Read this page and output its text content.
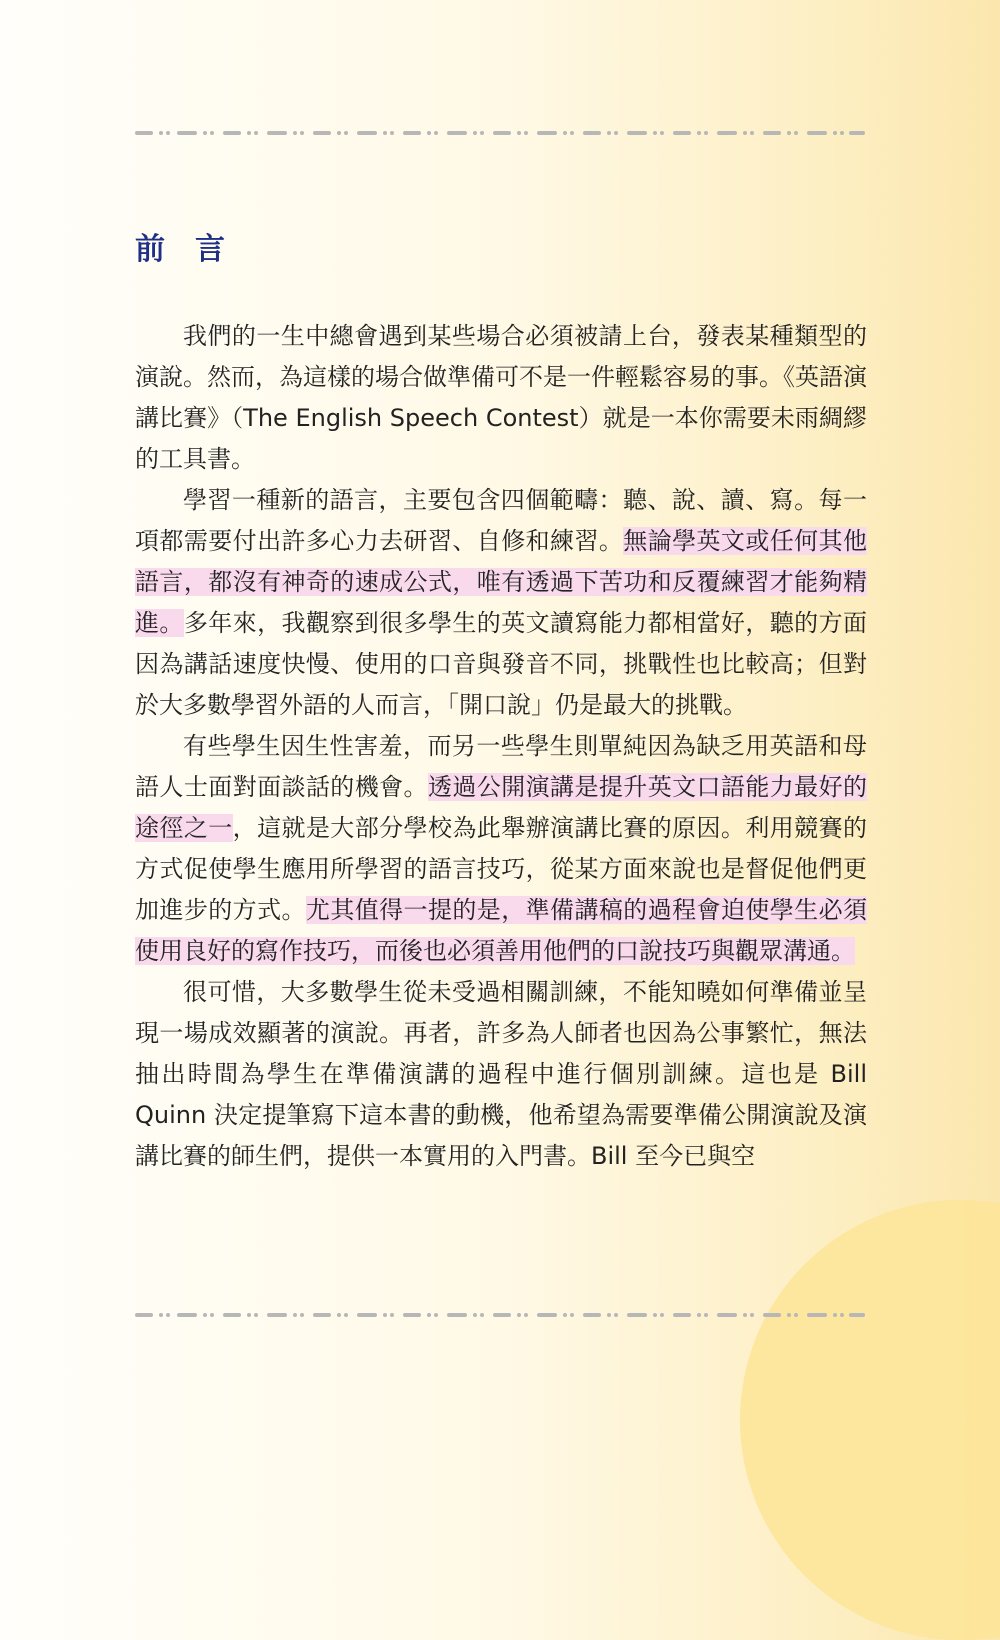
前言

我們的一生中總會遇到某些場合必須被請上台，發表某種類型的演說。然而，為這樣的場合做準備可不是一件輕鬆容易的事。《英語演講比賽》（The English Speech Contest）就是一本你需要未雨綢繆的工具書。

學習一種新的語言，主要包含四個範疇：聽、說、讀、寫。每一項都需要付出許多心力去研習、自修和練習。無論學英文或任何其他語言，都沒有神奇的速成公式，唯有透過下苦功和反覆練習才能夠精進。多年來，我觀察到很多學生的英文讀寫能力都相當好，聽的方面因為講話速度快慢、使用的口音與發音不同，挑戰性也比較高；但對於大多數學習外語的人而言，「開口說」仍是最大的挑戰。

有些學生因生性害羞，而另一些學生則單純因為缺乏用英語和母語人士面對面談話的機會。透過公開演講是提升英文口語能力最好的途徑之一，這就是大部分學校為此舉辦演講比賽的原因。利用競賽的方式促使學生應用所學習的語言技巧，從某方面來說也是督促他們更加進步的方式。尤其值得一提的是，準備講稿的過程會迫使學生必須使用良好的寫作技巧，而後也必須善用他們的口說技巧與觀眾溝通。

很可惜，大多數學生從未受過相關訓練，不能知曉如何準備並呈現一場成效顯著的演說。再者，許多為人師者也因為公事繁忙，無法抽出時間為學生在準備演講的過程中進行個別訓練。這也是 Bill Quinn 決定提筆寫下這本書的動機，他希望為需要準備公開演說及演講比賽的師生們，提供一本實用的入門書。Bill 至今已與空
